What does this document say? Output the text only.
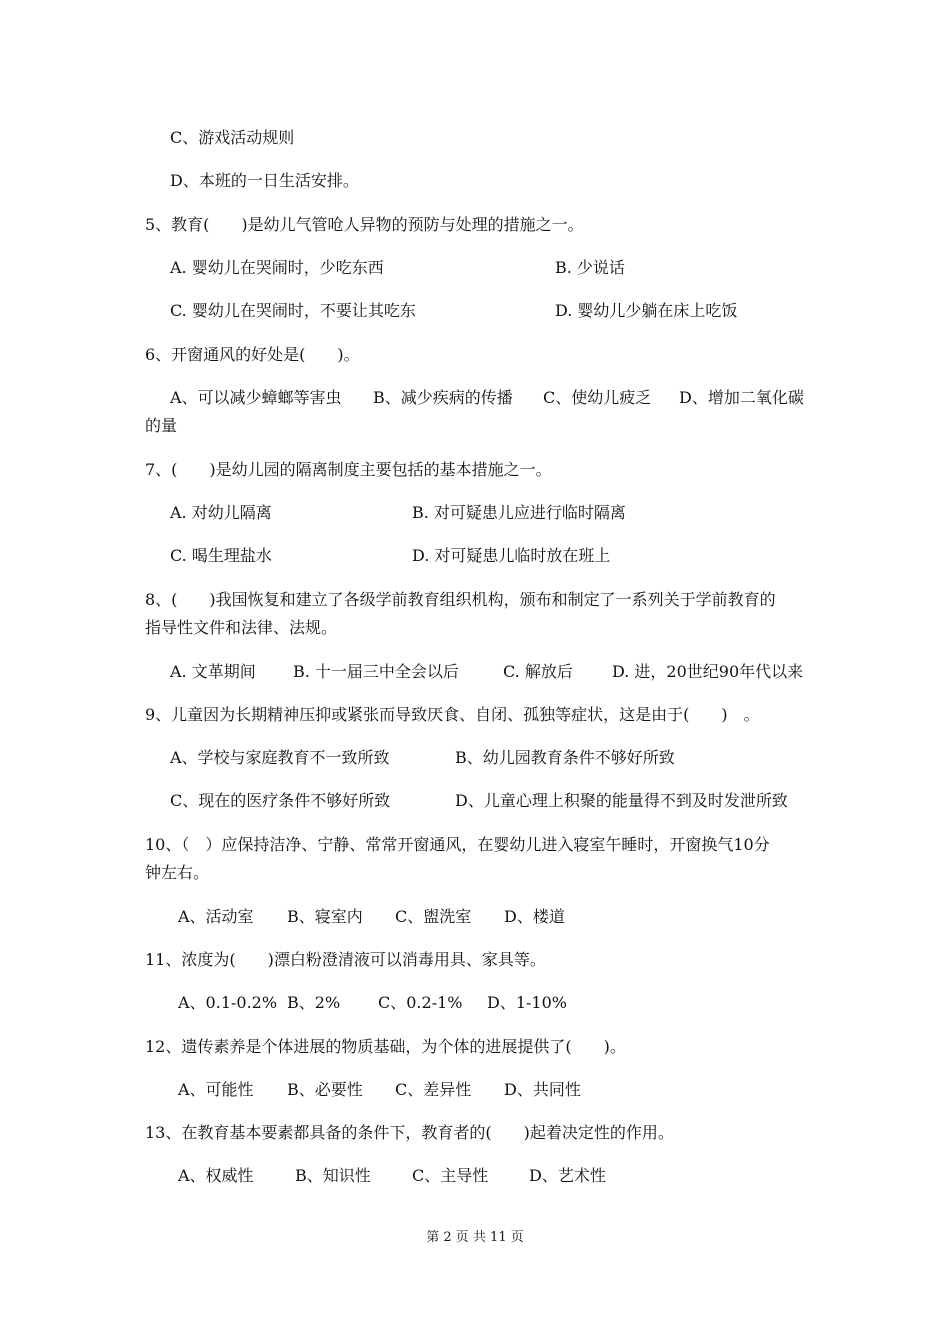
C、游戏活动规则
D、本班的一日生活安排。
5、教育(　　)是幼儿气管呛人异物的预防与处理的措施之一。
A. 婴幼儿在哭闹时，少吃东西	B. 少说话
C. 婴幼儿在哭闹时，不要让其吃东	D. 婴幼儿少躺在床上吃饭
6、开窗通风的好处是(　　)。
A、可以减少蟑螂等害虫 B、减少疾病的传播 C、使幼儿疲乏 D、增加二氧化碳
的量
7、(　　)是幼儿园的隔离制度主要包括的基本措施之一。
A. 对幼儿隔离	B. 对可疑患儿应进行临时隔离
C. 喝生理盐水	D. 对可疑患儿临时放在班上
8、(　　)我国恢复和建立了各级学前教育组织机构，颁布和制定了一系列关于学前教育的
指导性文件和法律、法规。
A. 文革期间 B. 十一届三中全会以后	C. 解放后 D. 进，20世纪90年代以来
9、儿童因为长期精神压抑或紧张而导致厌食、自闭、孤独等症状，这是由于(　　)　。
A、学校与家庭教育不一致所致	B、幼儿园教育条件不够好所致
C、现在的医疗条件不够好所致	D、儿童心理上积聚的能量得不到及时发泄所致
10、（　）应保持洁净、宁静、常常开窗通风，在婴幼儿进入寝室午睡时，开窗换气10分
钟左右。
A、活动室 B、寝室内 C、盥洗室 D、楼道
11、浓度为(　　)漂白粉澄清液可以消毒用具、家具等。
A、0.1-0.2% B、2% C、0.2-1% D、1-10%
12、遗传素养是个体进展的物质基础，为个体的进展提供了(　　)。
A、可能性 B、必要性 C、差异性 D、共同性
13、在教育基本要素都具备的条件下，教育者的(　　)起着决定性的作用。
A、权威性	B、知识性	C、主导性	D、艺术性
第 2 页 共 11 页
